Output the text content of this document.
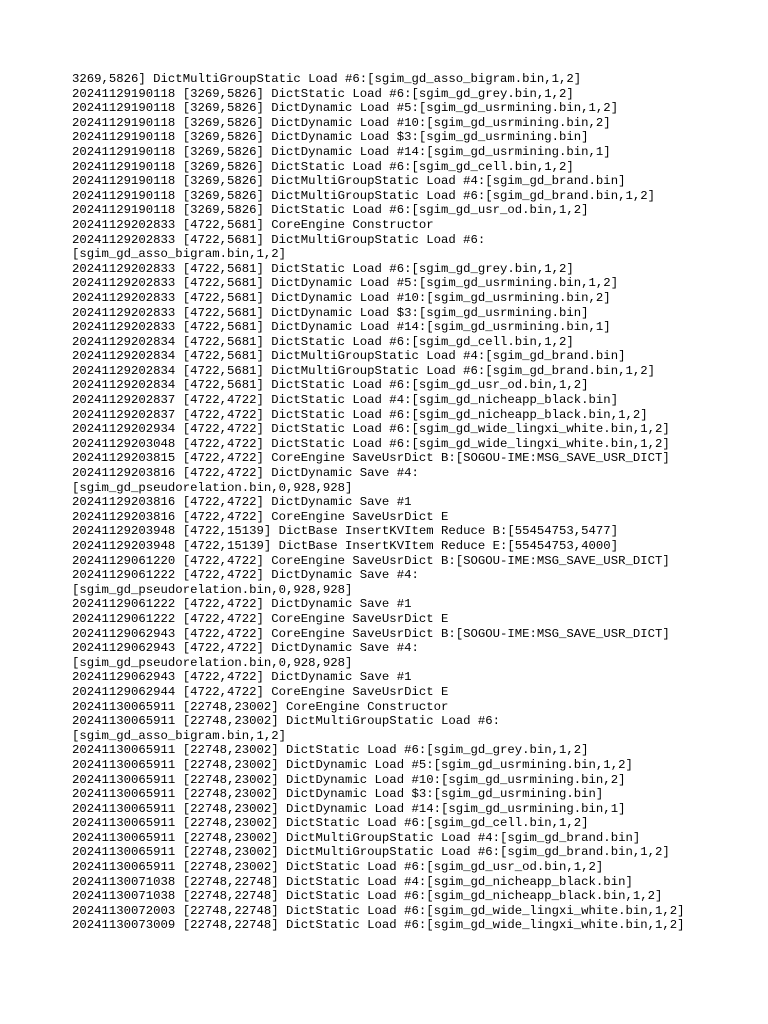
3269,5826] DictMultiGroupStatic Load #6:[sgim_gd_asso_bigram.bin,1,2]
20241129190118 [3269,5826] DictStatic Load #6:[sgim_gd_grey.bin,1,2]
20241129190118 [3269,5826] DictDynamic Load #5:[sgim_gd_usrmining.bin,1,2]
20241129190118 [3269,5826] DictDynamic Load #10:[sgim_gd_usrmining.bin,2]
20241129190118 [3269,5826] DictDynamic Load $3:[sgim_gd_usrmining.bin]
20241129190118 [3269,5826] DictDynamic Load #14:[sgim_gd_usrmining.bin,1]
20241129190118 [3269,5826] DictStatic Load #6:[sgim_gd_cell.bin,1,2]
20241129190118 [3269,5826] DictMultiGroupStatic Load #4:[sgim_gd_brand.bin]
20241129190118 [3269,5826] DictMultiGroupStatic Load #6:[sgim_gd_brand.bin,1,2]
20241129190118 [3269,5826] DictStatic Load #6:[sgim_gd_usr_od.bin,1,2]
20241129202833 [4722,5681] CoreEngine Constructor
20241129202833 [4722,5681] DictMultiGroupStatic Load #6:
[sgim_gd_asso_bigram.bin,1,2]
20241129202833 [4722,5681] DictStatic Load #6:[sgim_gd_grey.bin,1,2]
20241129202833 [4722,5681] DictDynamic Load #5:[sgim_gd_usrmining.bin,1,2]
20241129202833 [4722,5681] DictDynamic Load #10:[sgim_gd_usrmining.bin,2]
20241129202833 [4722,5681] DictDynamic Load $3:[sgim_gd_usrmining.bin]
20241129202833 [4722,5681] DictDynamic Load #14:[sgim_gd_usrmining.bin,1]
20241129202834 [4722,5681] DictStatic Load #6:[sgim_gd_cell.bin,1,2]
20241129202834 [4722,5681] DictMultiGroupStatic Load #4:[sgim_gd_brand.bin]
20241129202834 [4722,5681] DictMultiGroupStatic Load #6:[sgim_gd_brand.bin,1,2]
20241129202834 [4722,5681] DictStatic Load #6:[sgim_gd_usr_od.bin,1,2]
20241129202837 [4722,4722] DictStatic Load #4:[sgim_gd_nicheapp_black.bin]
20241129202837 [4722,4722] DictStatic Load #6:[sgim_gd_nicheapp_black.bin,1,2]
20241129202934 [4722,4722] DictStatic Load #6:[sgim_gd_wide_lingxi_white.bin,1,2]
20241129203048 [4722,4722] DictStatic Load #6:[sgim_gd_wide_lingxi_white.bin,1,2]
20241129203815 [4722,4722] CoreEngine SaveUsrDict B:[SOGOU-IME:MSG_SAVE_USR_DICT]
20241129203816 [4722,4722] DictDynamic Save #4:
[sgim_gd_pseudorelation.bin,0,928,928]
20241129203816 [4722,4722] DictDynamic Save #1
20241129203816 [4722,4722] CoreEngine SaveUsrDict E
20241129203948 [4722,15139] DictBase InsertKVItem Reduce B:[55454753,5477]
20241129203948 [4722,15139] DictBase InsertKVItem Reduce E:[55454753,4000]
20241129061220 [4722,4722] CoreEngine SaveUsrDict B:[SOGOU-IME:MSG_SAVE_USR_DICT]
20241129061222 [4722,4722] DictDynamic Save #4:
[sgim_gd_pseudorelation.bin,0,928,928]
20241129061222 [4722,4722] DictDynamic Save #1
20241129061222 [4722,4722] CoreEngine SaveUsrDict E
20241129062943 [4722,4722] CoreEngine SaveUsrDict B:[SOGOU-IME:MSG_SAVE_USR_DICT]
20241129062943 [4722,4722] DictDynamic Save #4:
[sgim_gd_pseudorelation.bin,0,928,928]
20241129062943 [4722,4722] DictDynamic Save #1
20241129062944 [4722,4722] CoreEngine SaveUsrDict E
20241130065911 [22748,23002] CoreEngine Constructor
20241130065911 [22748,23002] DictMultiGroupStatic Load #6:
[sgim_gd_asso_bigram.bin,1,2]
20241130065911 [22748,23002] DictStatic Load #6:[sgim_gd_grey.bin,1,2]
20241130065911 [22748,23002] DictDynamic Load #5:[sgim_gd_usrmining.bin,1,2]
20241130065911 [22748,23002] DictDynamic Load #10:[sgim_gd_usrmining.bin,2]
20241130065911 [22748,23002] DictDynamic Load $3:[sgim_gd_usrmining.bin]
20241130065911 [22748,23002] DictDynamic Load #14:[sgim_gd_usrmining.bin,1]
20241130065911 [22748,23002] DictStatic Load #6:[sgim_gd_cell.bin,1,2]
20241130065911 [22748,23002] DictMultiGroupStatic Load #4:[sgim_gd_brand.bin]
20241130065911 [22748,23002] DictMultiGroupStatic Load #6:[sgim_gd_brand.bin,1,2]
20241130065911 [22748,23002] DictStatic Load #6:[sgim_gd_usr_od.bin,1,2]
20241130071038 [22748,22748] DictStatic Load #4:[sgim_gd_nicheapp_black.bin]
20241130071038 [22748,22748] DictStatic Load #6:[sgim_gd_nicheapp_black.bin,1,2]
20241130072003 [22748,22748] DictStatic Load #6:[sgim_gd_wide_lingxi_white.bin,1,2]
20241130073009 [22748,22748] DictStatic Load #6:[sgim_gd_wide_lingxi_white.bin,1,2]
